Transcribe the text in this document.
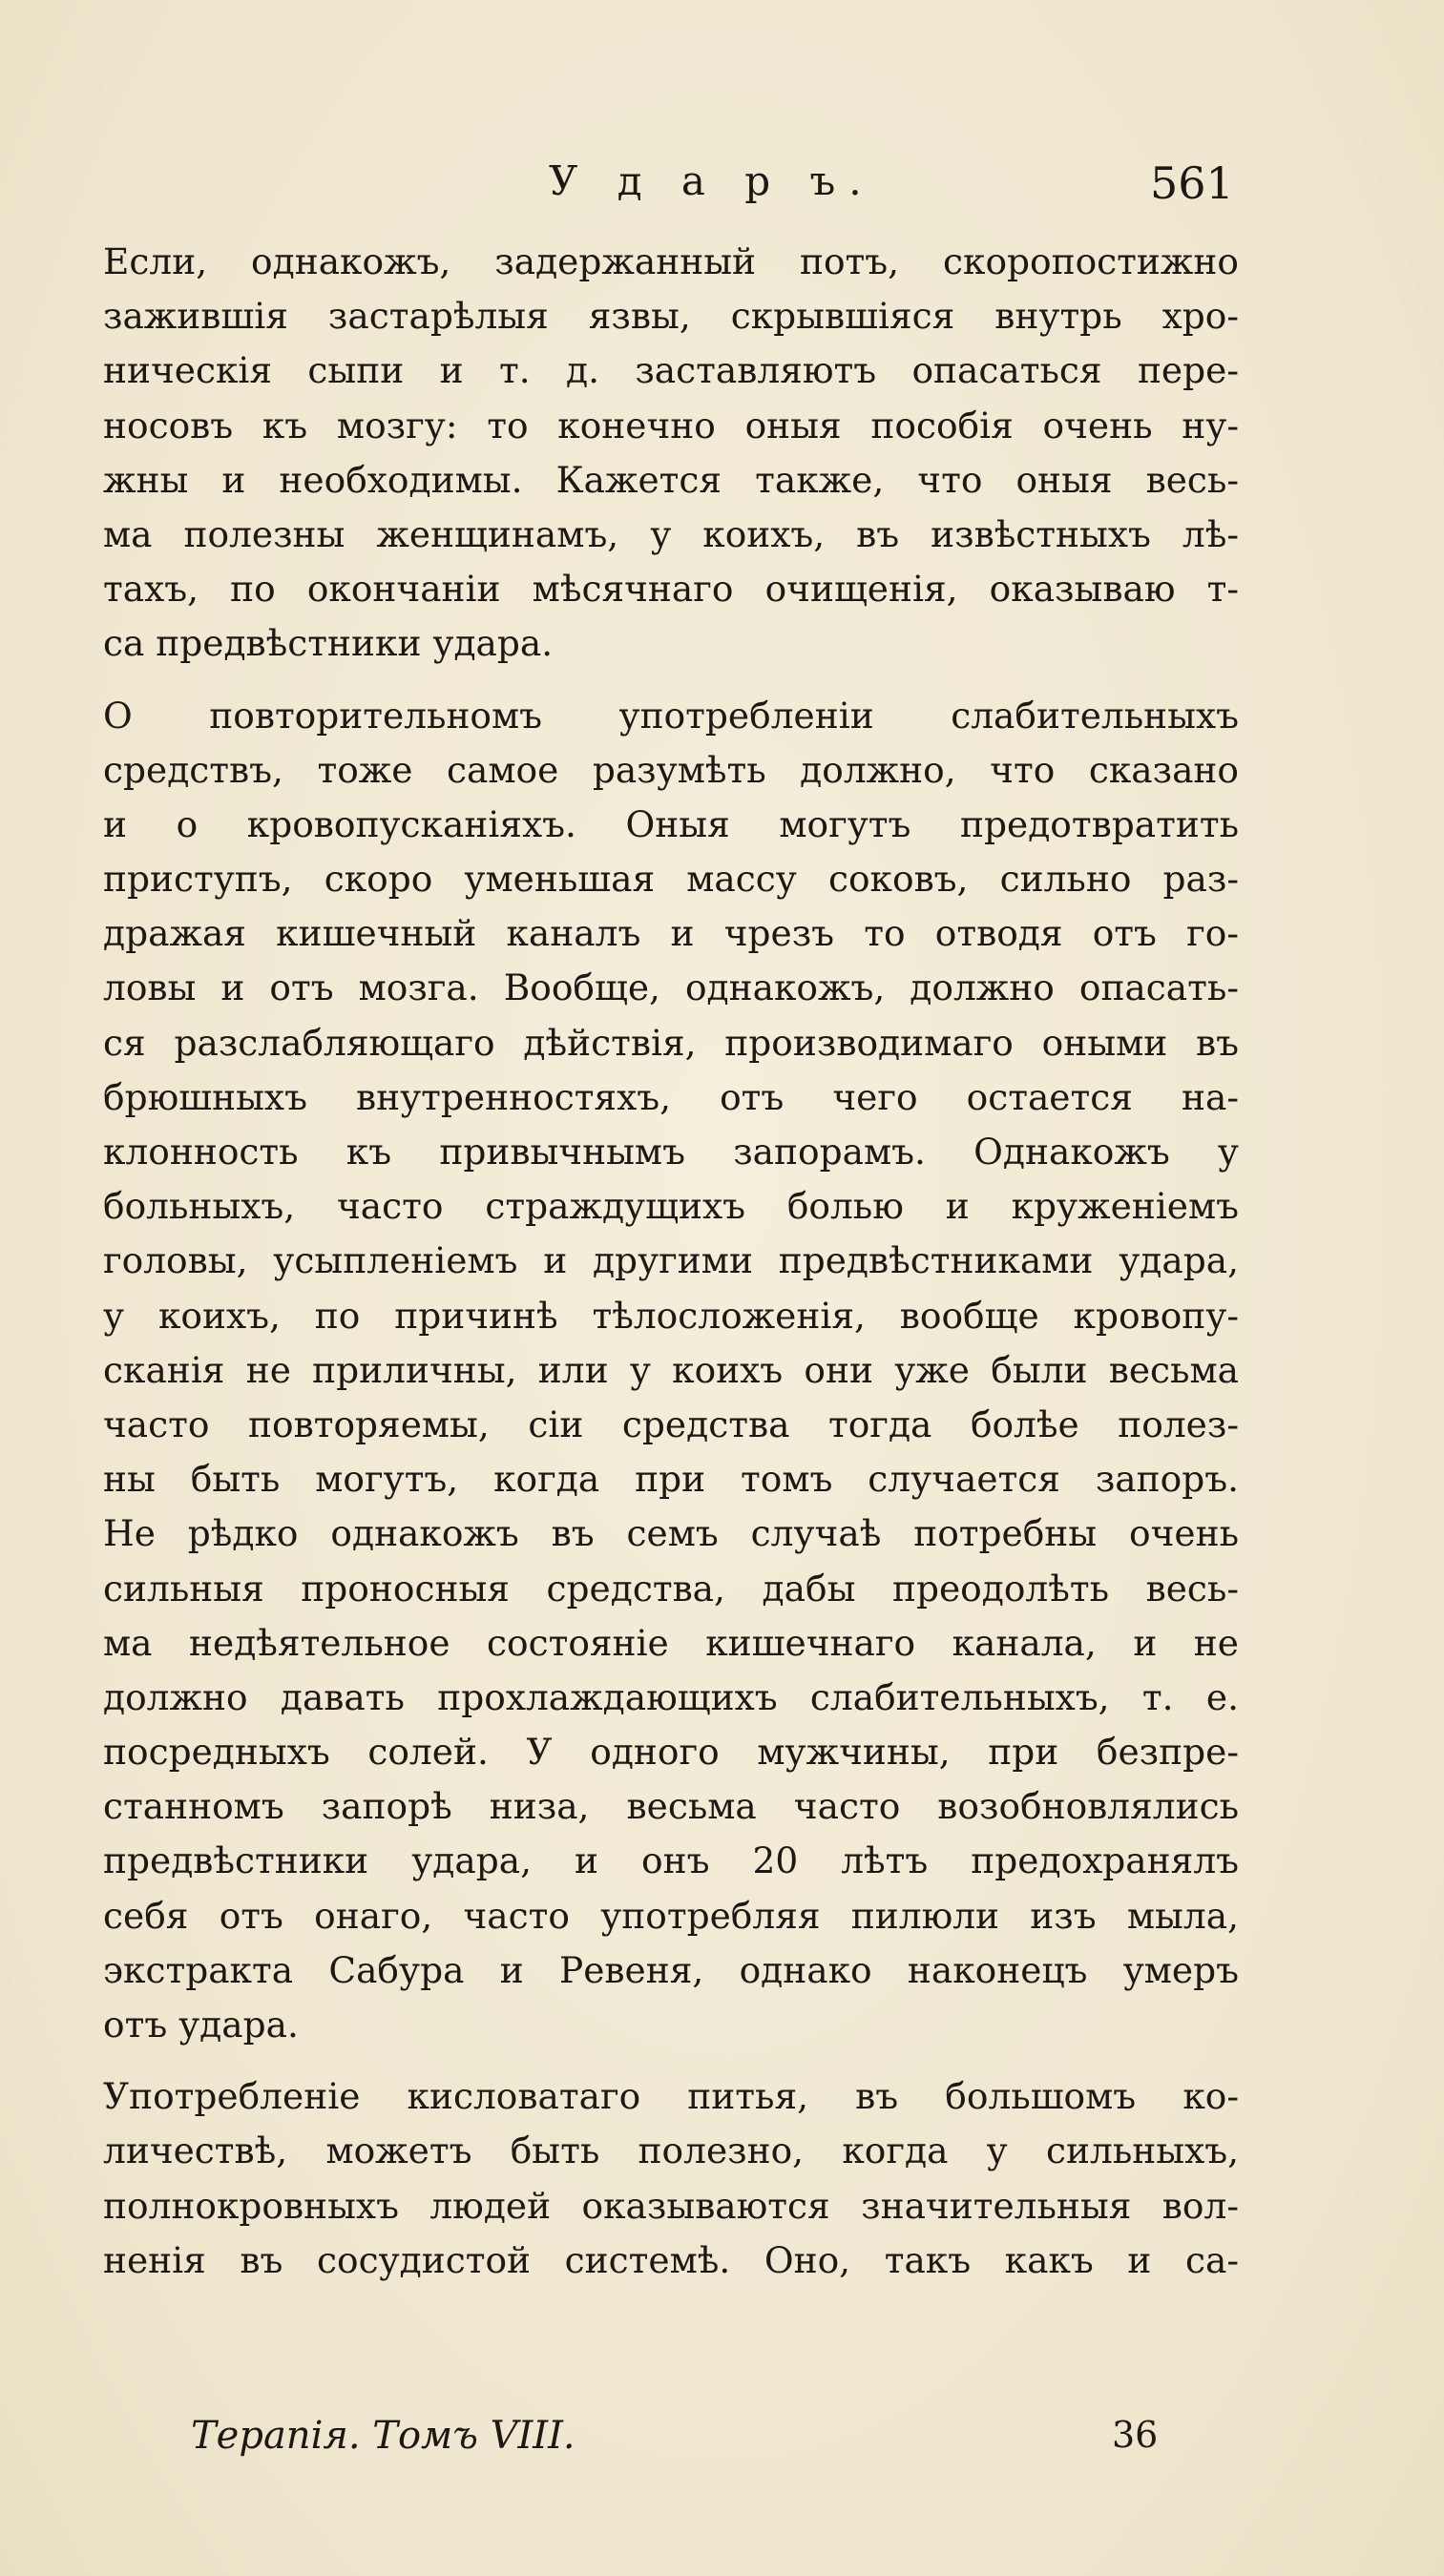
У д а р ъ.	561
Если, однакожъ, задержанный потъ, скоропостижно
зажившія застарѣлыя язвы, скрывшіяся внутрь хро-
ническія сыпи и т. д. заставляютъ опасаться пере-
носовъ къ мозгу: то конечно оныя пособія очень ну-
жны и необходимы. Кажется также, что оныя весь-
ма полезны женщинамъ, у коихъ, въ извѣстныхъ лѣ-
тахъ, по окончаніи мѣсячнаго очищенія, оказываю т-
са предвѣстники удара.
О повторительномъ употребленіи слабительныхъ
средствъ, тоже самое разумѣть должно, что сказано
и о кровопусканіяхъ. Оныя могутъ предотвратить
приступъ, скоро уменьшая массу соковъ, сильно раз-
дражая кишечный каналъ и чрезъ то отводя отъ го-
ловы и отъ мозга. Вообще, однакожъ, должно опасать-
ся разслабляющаго дѣйствія, производимаго оными въ
брюшныхъ внутренностяхъ, отъ чего остается на-
клонность къ привычнымъ запорамъ. Однакожъ у
больныхъ, часто страждущихъ болью и круженіемъ
головы, усыпленіемъ и другими предвѣстниками удара,
у коихъ, по причинѣ тѣлосложенія, вообще кровопу-
сканія не приличны, или у коихъ они уже были весьма
часто повторяемы, сіи средства тогда болѣе полез-
ны быть могутъ, когда при томъ случается запоръ.
Не рѣдко однакожъ въ семъ случаѣ потребны очень
сильныя проносныя средства, дабы преодолѣть весь-
ма недѣятельное состояніе кишечнаго канала, и не
должно давать прохлаждающихъ слабительныхъ, т. е.
посредныхъ солей. У одного мужчины, при безпре-
станномъ запорѣ низа, весьма часто возобновлялись
предвѣстники удара, и онъ 20 лѣтъ предохранялъ
себя отъ онаго, часто употребляя пилюли изъ мыла,
экстракта Сабура и Ревеня, однако наконецъ умеръ
отъ удара.
Употребленіе кисловатаго питья, въ большомъ ко-
личествѣ, можетъ быть полезно, когда у сильныхъ,
полнокровныхъ людей оказываются значительныя вол-
ненія въ сосудистой системѣ. Оно, такъ какъ и са-
Терапія. Томъ VIII.	36
